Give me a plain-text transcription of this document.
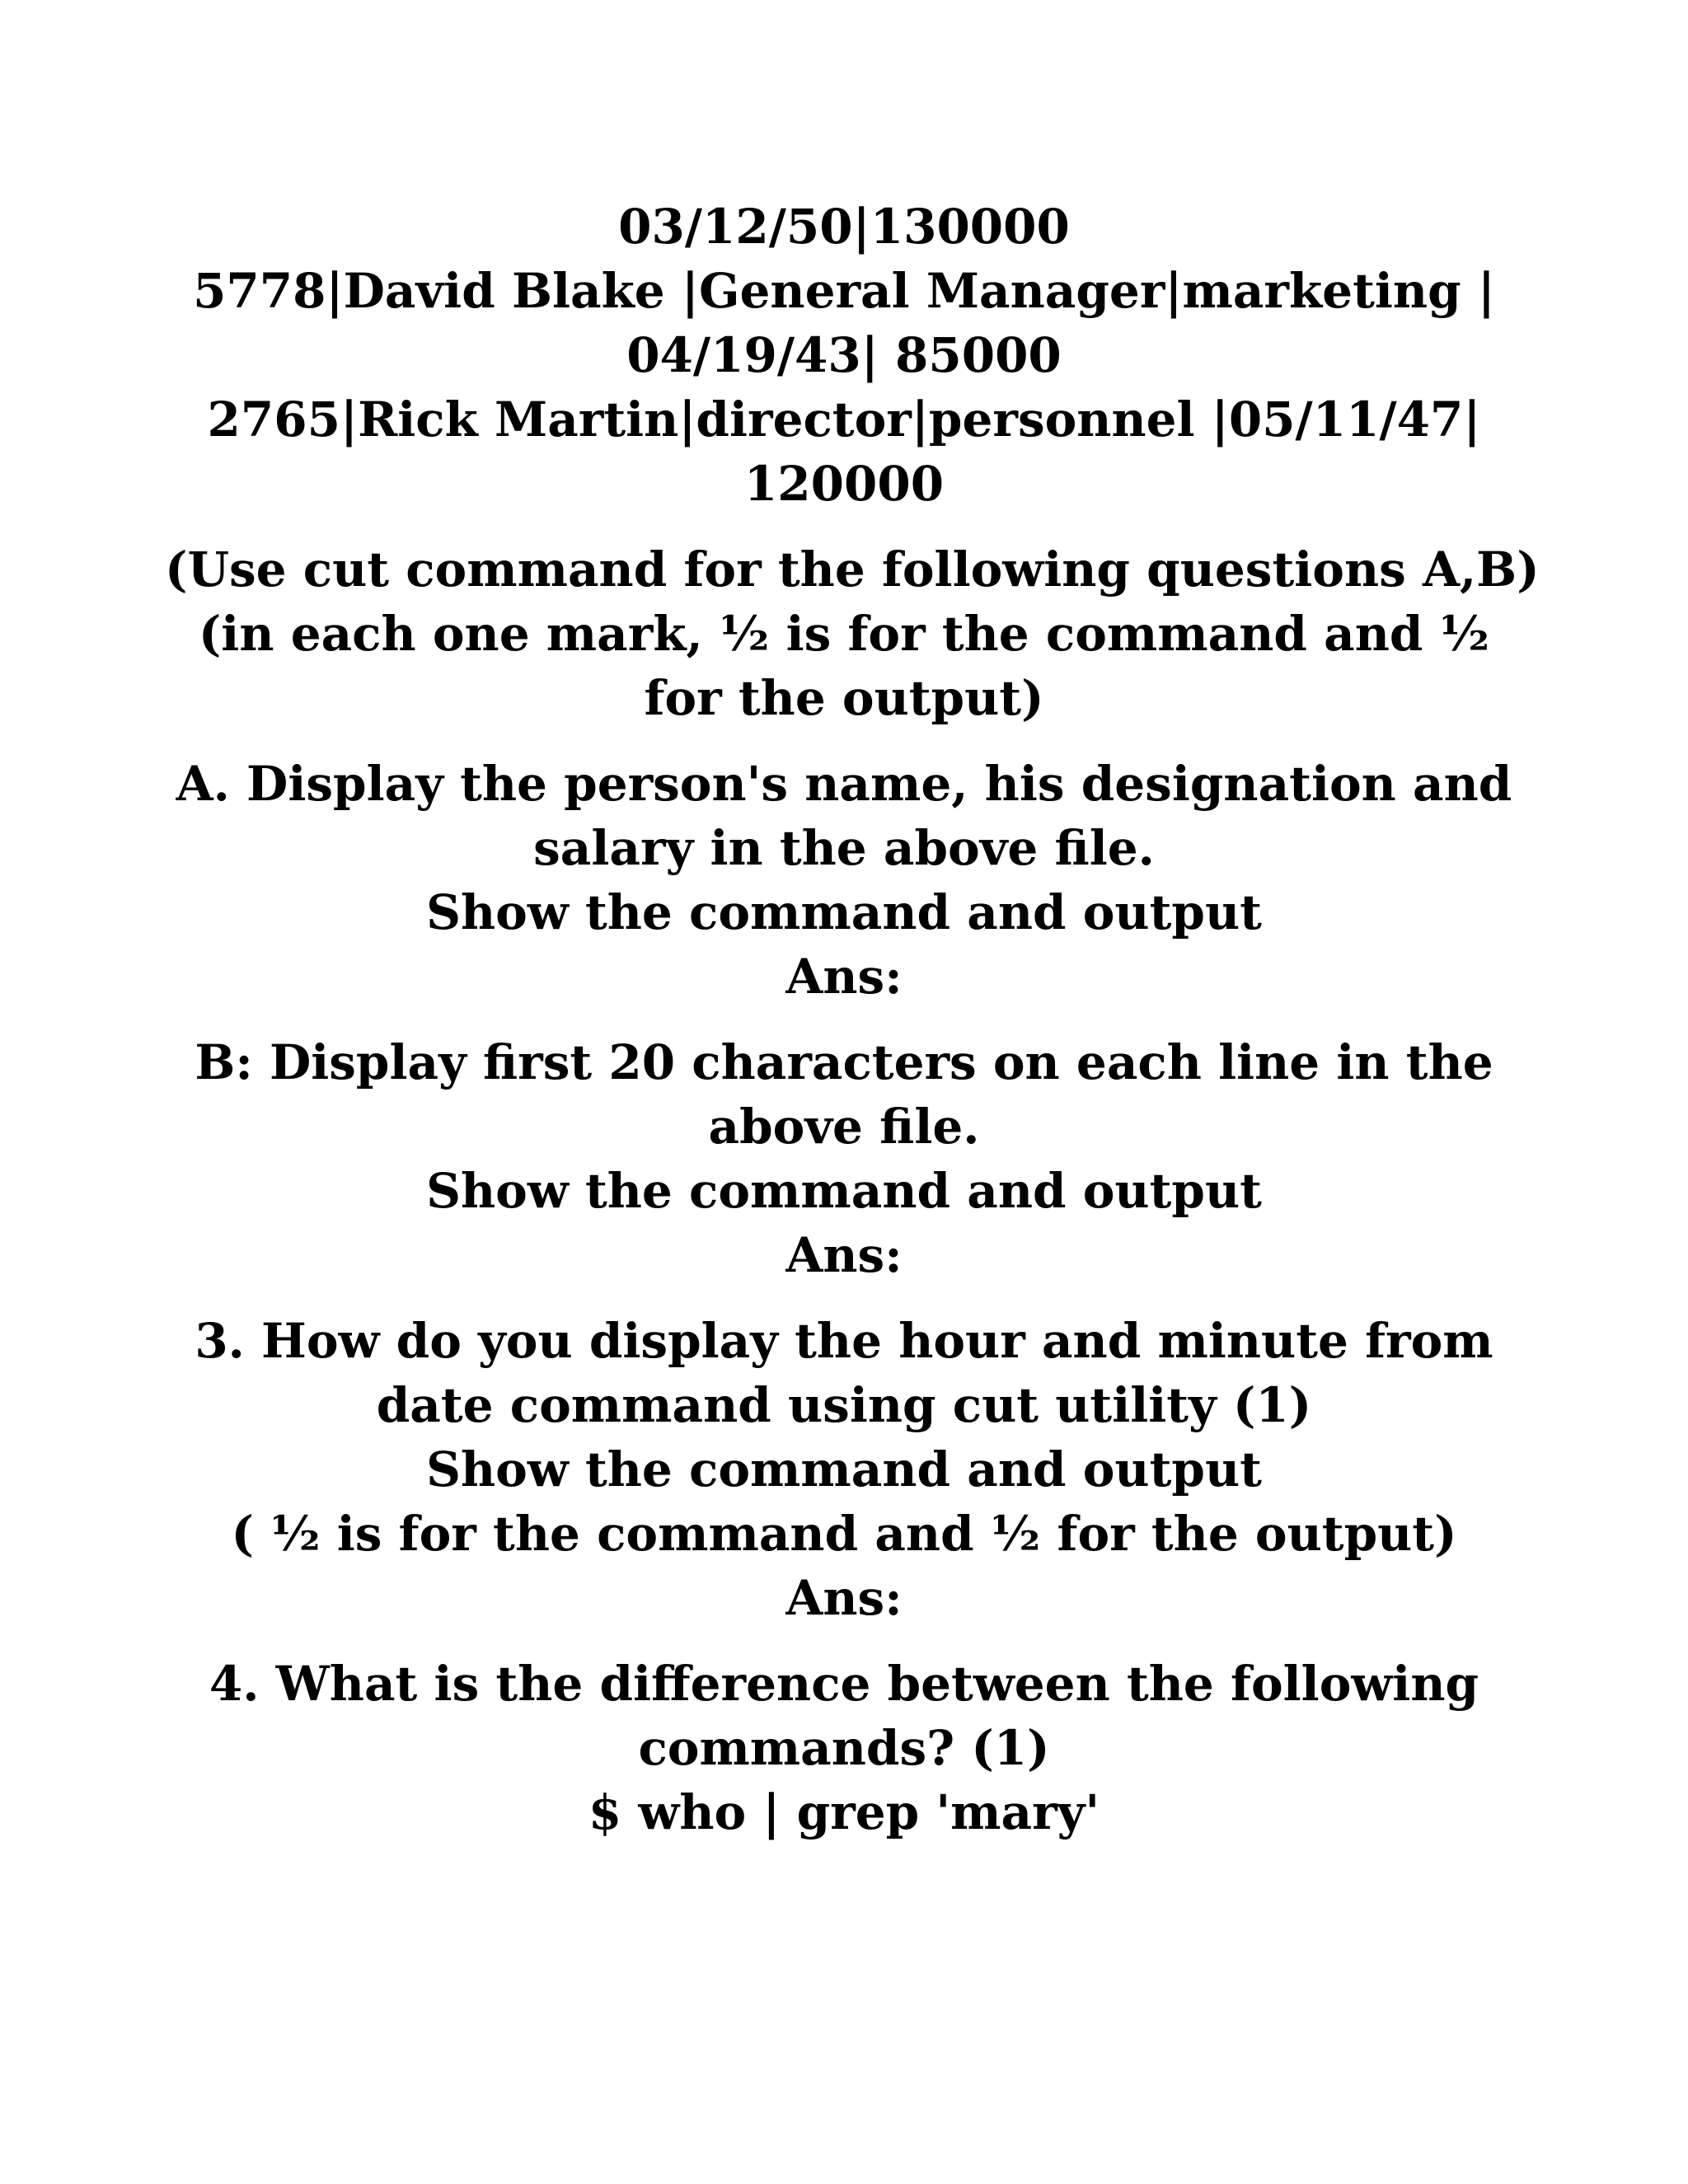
03/12/50|130000
5778|David Blake |General Manager|marketing |
04/19/43| 85000
2765|Rick Martin|director|personnel |05/11/47|
120000
(Use cut command for the following questions A,B)
(in each one mark, ½ is for the command and ½
for the output)
A. Display the person's name, his designation and
salary in the above file.
Show the command and output
Ans:
B: Display first 20 characters on each line in the
above file.
Show the command and output
Ans:
3. How do you display the hour and minute from
date command using cut utility (1)
Show the command and output
( ½ is for the command and ½ for the output)
Ans:
4. What is the difference between the following
commands? (1)
$ who | grep 'mary'
